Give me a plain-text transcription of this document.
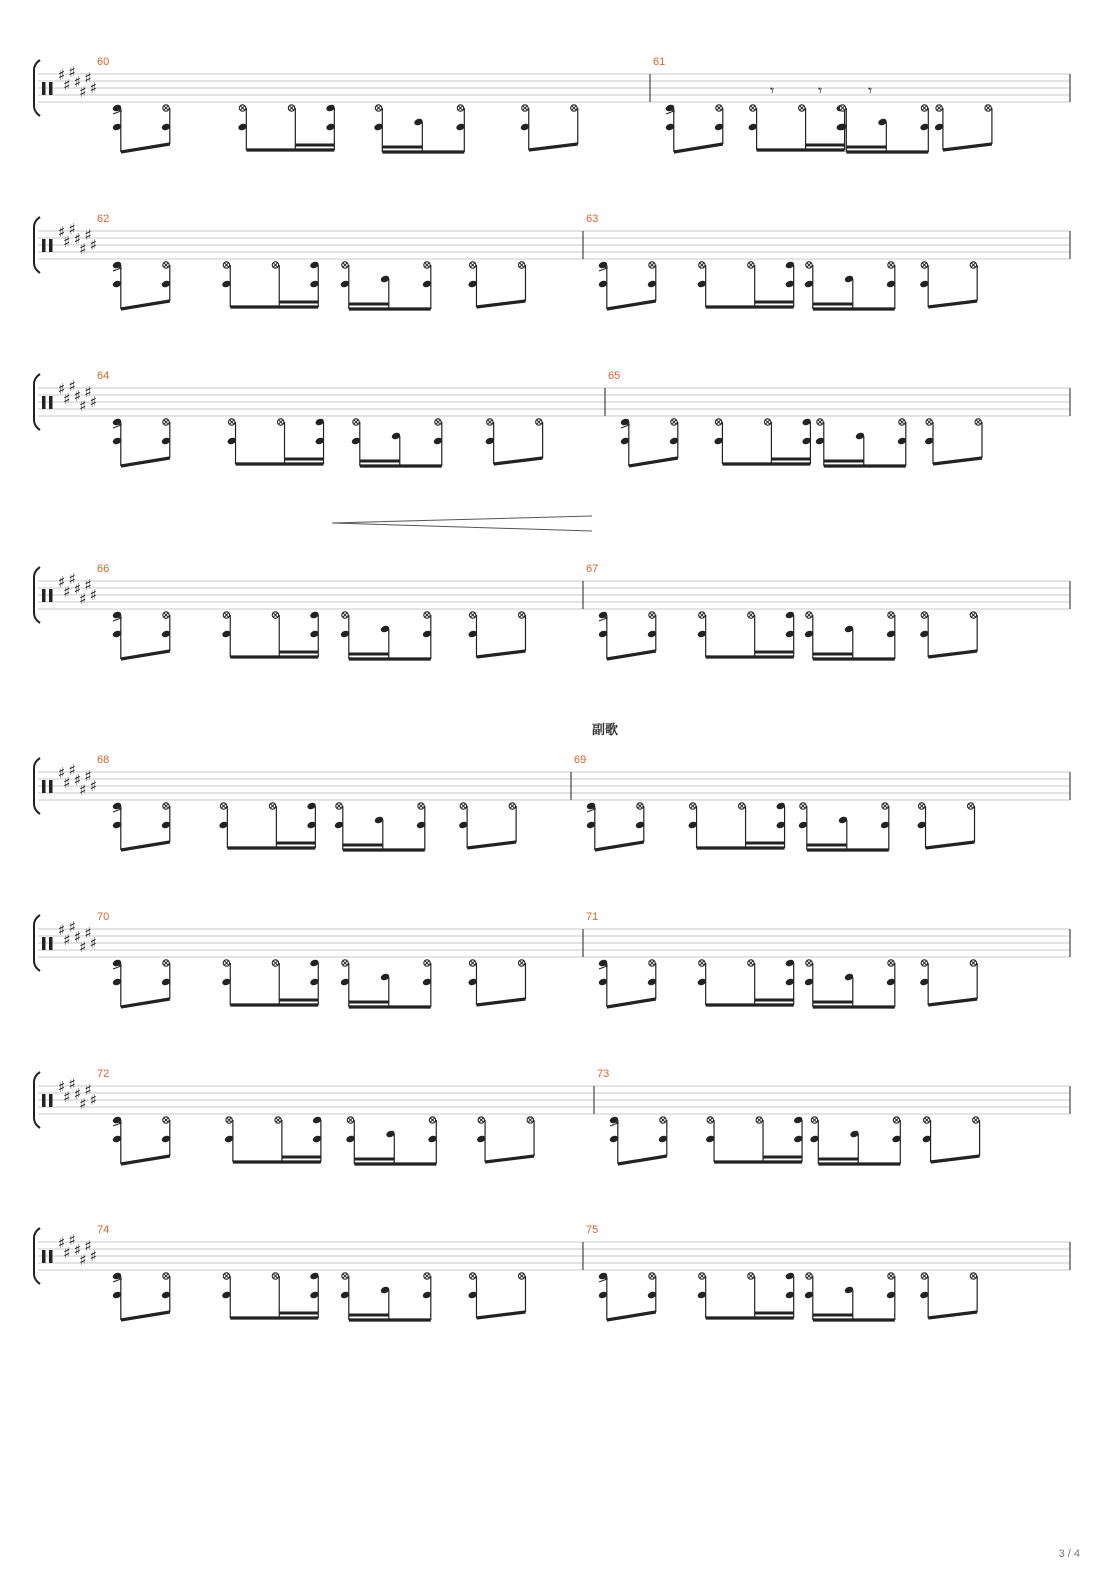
♯
♯
♯
♯
♯
♯
♯
60	61
♯
♯
♯
♯
♯
♯
♯
62	63
♯
♯
♯
♯
♯
♯
♯
64	65
♯
♯
♯
♯
♯
♯
♯
66	67
♯
♯
♯
♯
♯
♯
♯
68	69
♯
♯
♯
♯
♯
♯
♯
70	71
♯
♯
♯
♯
♯
♯
♯
72	73
♯
♯
♯
♯
♯
♯
♯
74	75
𝄾	𝄾	𝄾
副歌
3 / 4
